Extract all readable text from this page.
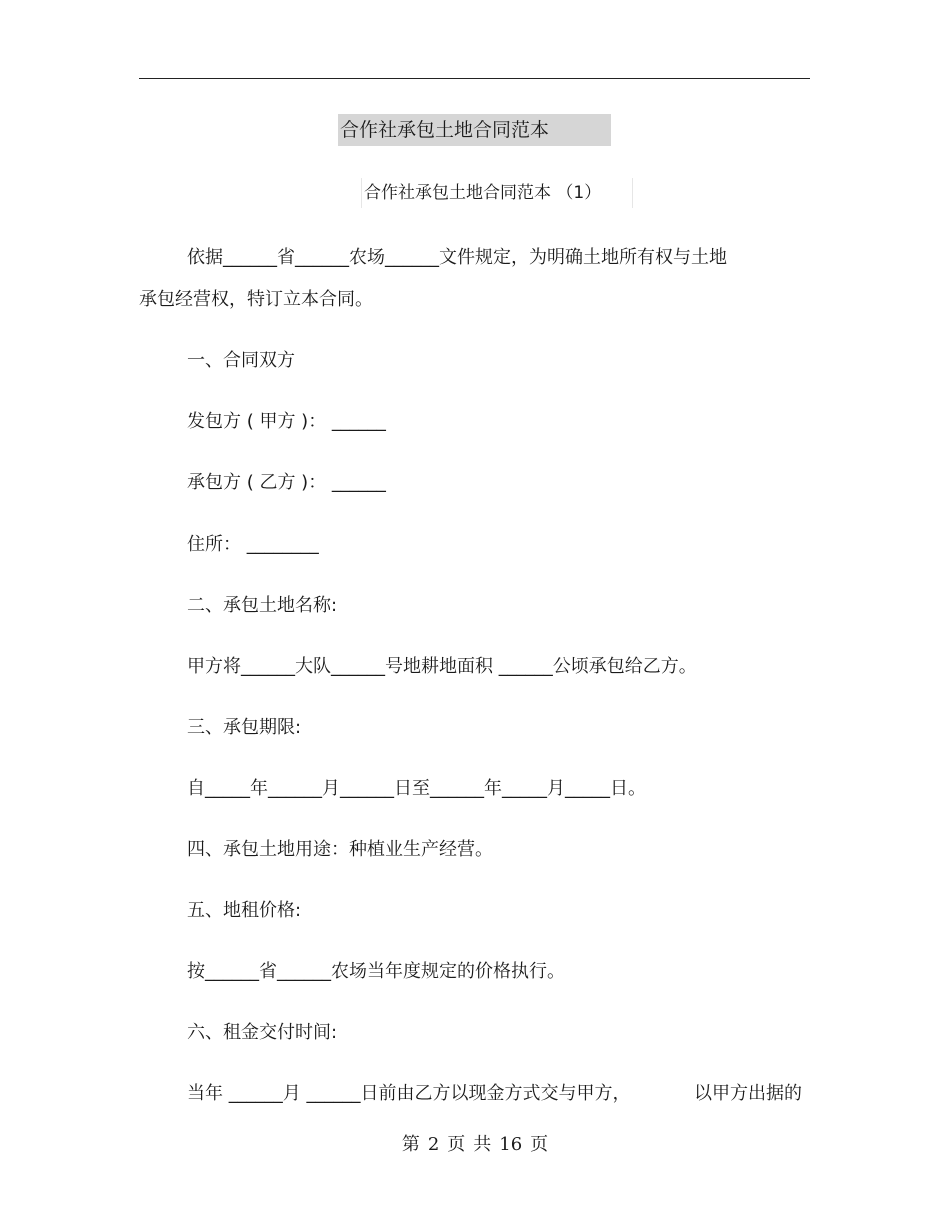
合作社承包土地合同范本
合作社承包土地合同范本 （1）
依据______省______农场______文件规定，为明确土地所有权与土地
承包经营权，特订立本合同。
一、合同双方
发包方 ( 甲方 )： ______
承包方 ( 乙方 )： ______
住所： ________
二、承包土地名称:
甲方将______大队______号地耕地面积 ______公顷承包给乙方。
三、承包期限:
自_____年______月______日至______年_____月_____日。
四、承包土地用途：种植业生产经营。
五、地租价格:
按______省______农场当年度规定的价格执行。
六、租金交付时间:
当年 ______月 ______日前由乙方以现金方式交与甲方，	以甲方出据的
第 2 页 共 16 页
